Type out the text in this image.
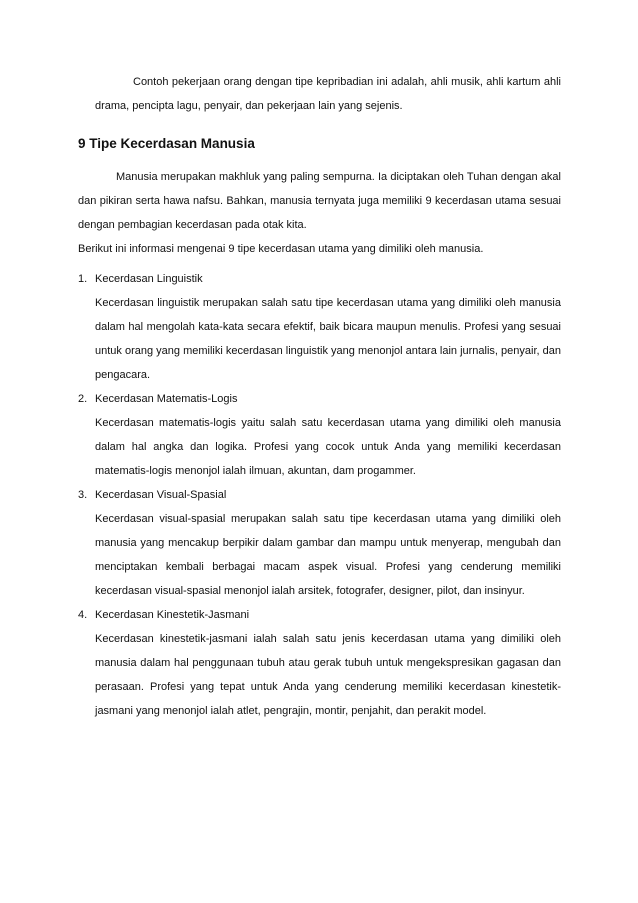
Contoh pekerjaan orang dengan tipe kepribadian ini adalah, ahli musik, ahli kartum ahli drama, pencipta lagu, penyair, dan pekerjaan lain yang sejenis.

9 Tipe Kecerdasan Manusia

Manusia merupakan makhluk yang paling sempurna. Ia diciptakan oleh Tuhan dengan akal dan pikiran serta hawa nafsu. Bahkan, manusia ternyata juga memiliki 9 kecerdasan utama sesuai dengan pembagian kecerdasan pada otak kita.

Berikut ini informasi mengenai 9 tipe kecerdasan utama yang dimiliki oleh manusia.

1. Kecerdasan Linguistik
Kecerdasan linguistik merupakan salah satu tipe kecerdasan utama yang dimiliki oleh manusia dalam hal mengolah kata-kata secara efektif, baik bicara maupun menulis. Profesi yang sesuai untuk orang yang memiliki kecerdasan linguistik yang menonjol antara lain jurnalis, penyair, dan pengacara.
2. Kecerdasan Matematis-Logis
Kecerdasan matematis-logis yaitu salah satu kecerdasan utama yang dimiliki oleh manusia dalam hal angka dan logika. Profesi yang cocok untuk Anda yang memiliki kecerdasan matematis-logis menonjol ialah ilmuan, akuntan, dam progammer.
3. Kecerdasan Visual-Spasial
Kecerdasan visual-spasial merupakan salah satu tipe kecerdasan utama yang dimiliki oleh manusia yang mencakup berpikir dalam gambar dan mampu untuk menyerap, mengubah dan menciptakan kembali berbagai macam aspek visual. Profesi yang cenderung memiliki kecerdasan visual-spasial menonjol ialah arsitek, fotografer, designer, pilot, dan insinyur.
4. Kecerdasan Kinestetik-Jasmani
Kecerdasan kinestetik-jasmani ialah salah satu jenis kecerdasan utama yang dimiliki oleh manusia dalam hal penggunaan tubuh atau gerak tubuh untuk mengekspresikan gagasan dan perasaan. Profesi yang tepat untuk Anda yang cenderung memiliki kecerdasan kinestetik-jasmani yang menonjol ialah atlet, pengrajin, montir, penjahit, dan perakit model.
